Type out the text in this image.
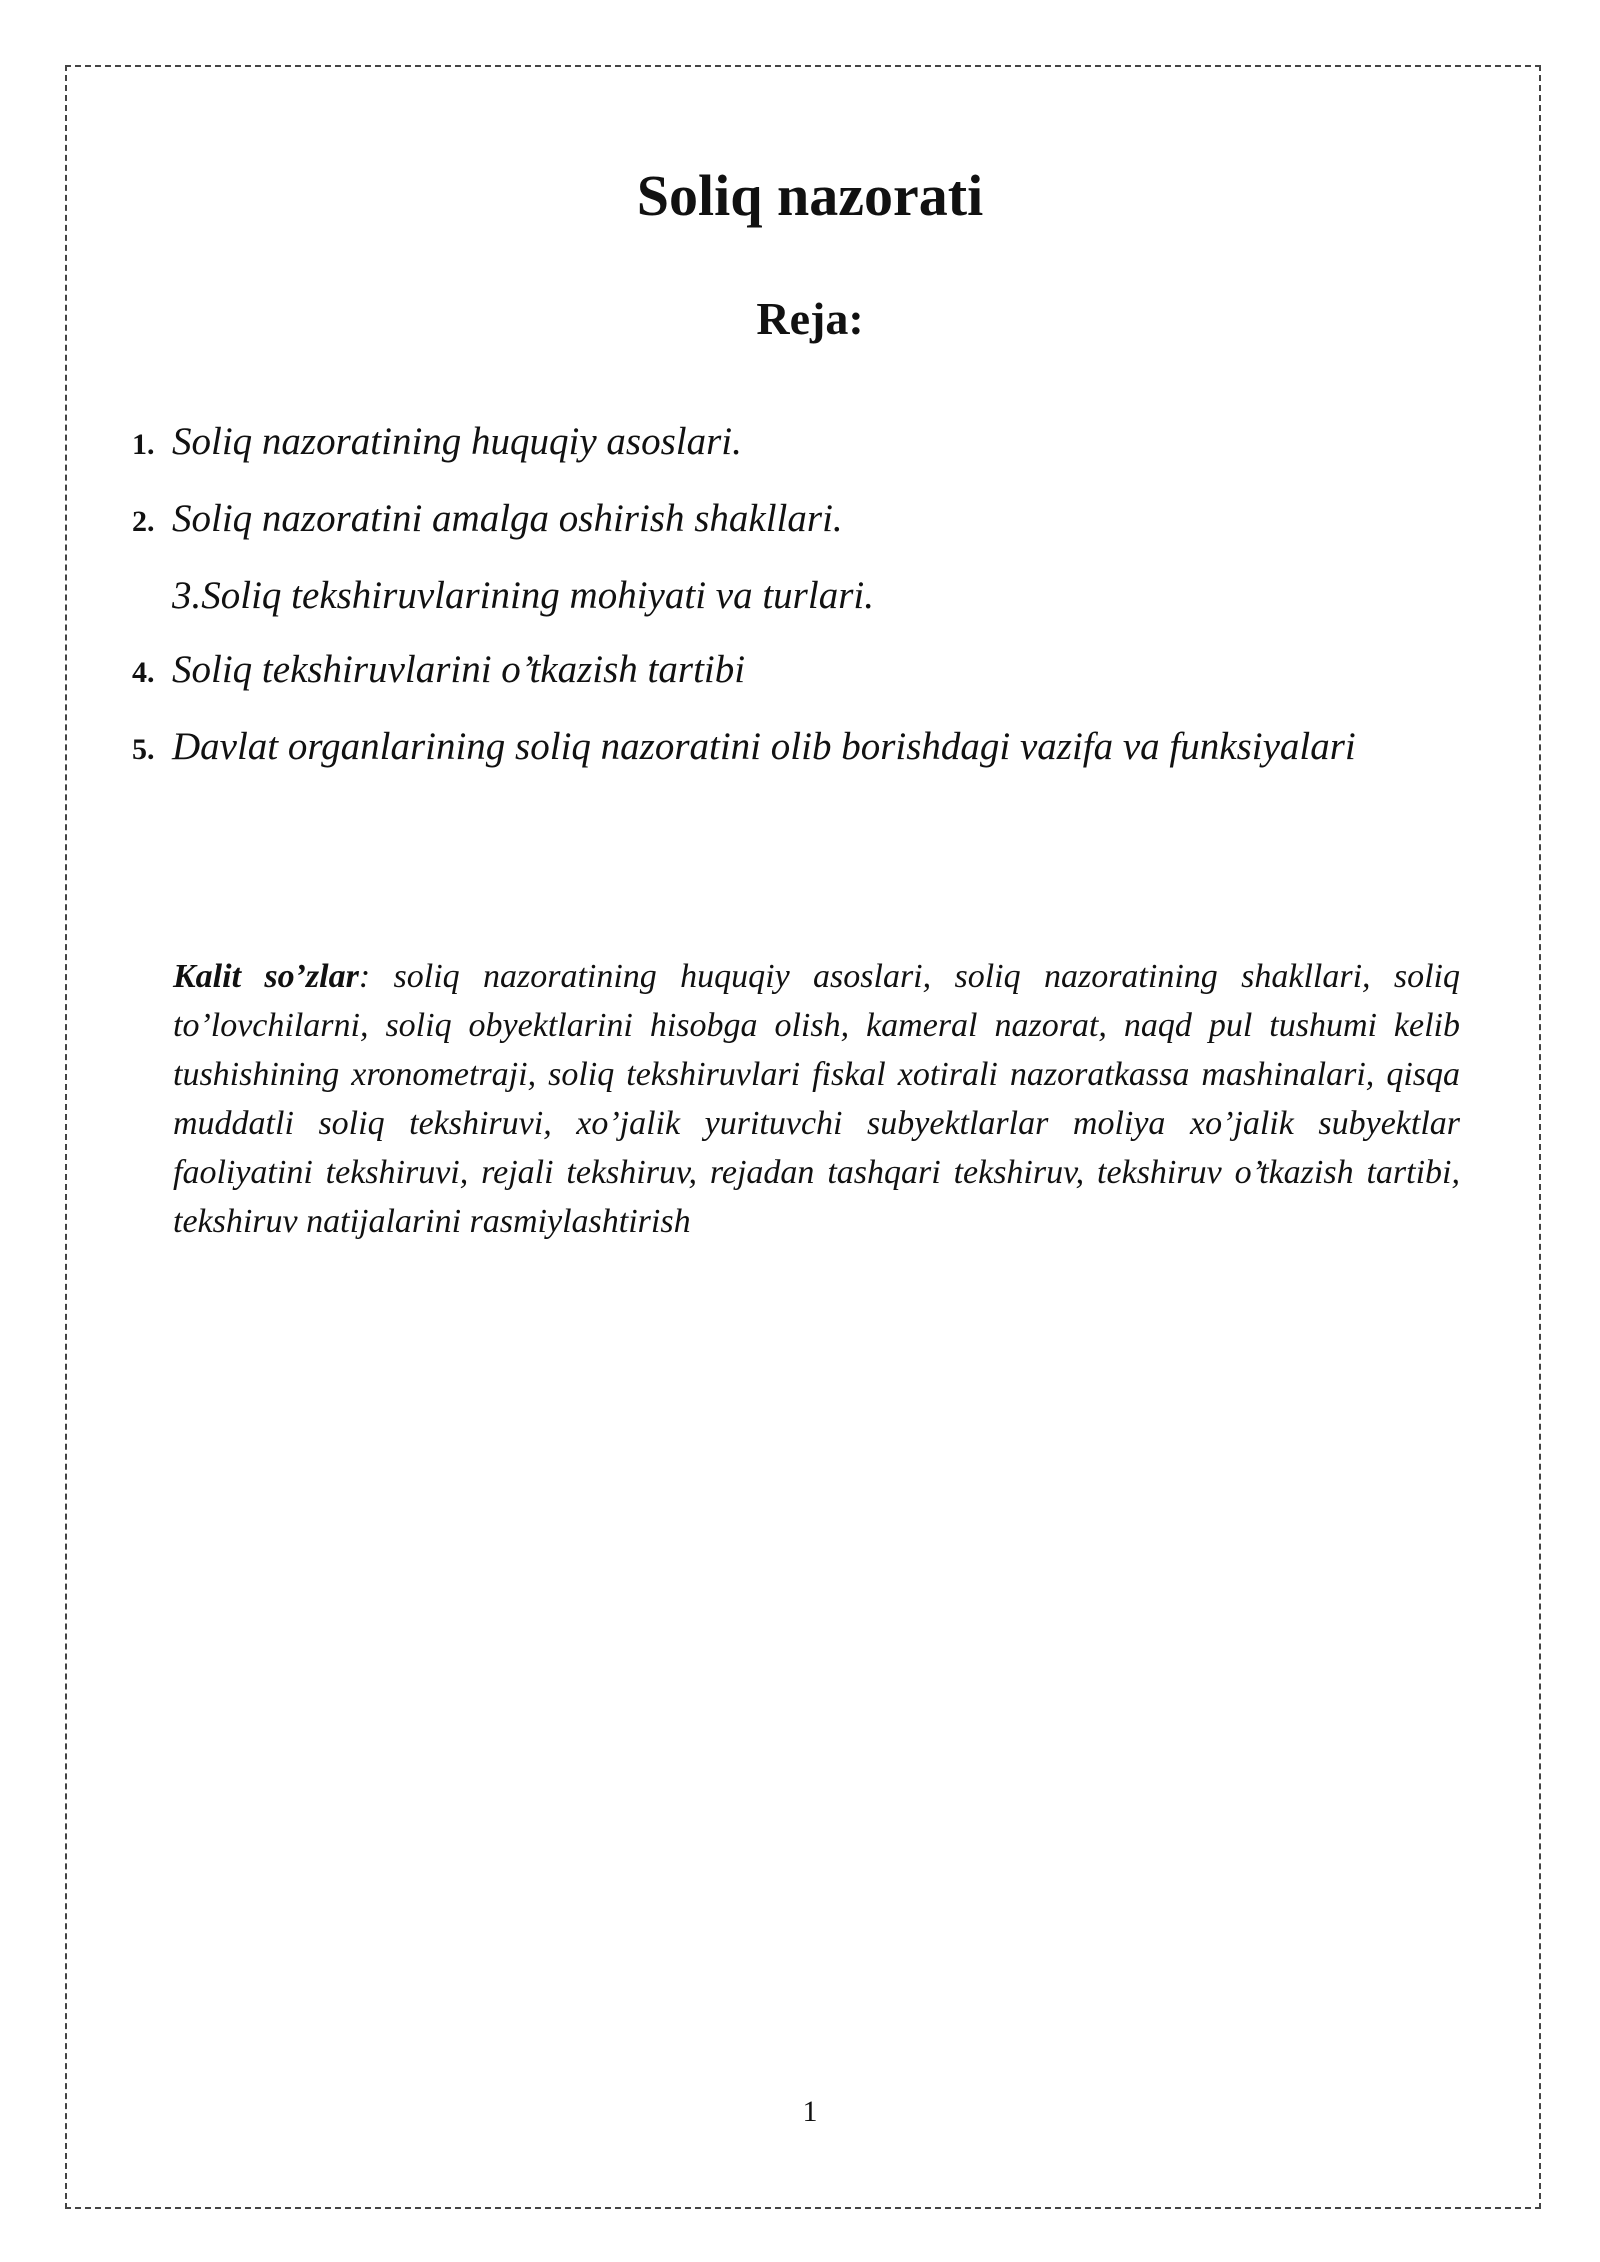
Soliq nazorati
Reja:
1. Soliq nazoratining huquqiy asoslari.
2. Soliq nazoratini amalga oshirish shakllari.
3.Soliq tekshiruvlarining mohiyati va turlari.
4. Soliq tekshiruvlarini o’tkazish tartibi
5. Davlat organlarining soliq nazoratini olib borishdagi vazifa va funksiyalari

Kalit so’zlar: soliq nazoratining huquqiy asoslari, soliq nazoratining shakllari, soliq to’lovchilarni, soliq obyektlarini hisobga olish, kameral nazorat, naqd pul tushumi kelib tushishining xronometraji, soliq tekshiruvlari fiskal xotirali nazoratkassa mashinalari, qisqa muddatli soliq tekshiruvi, xo’jalik yurituvchi subyektlarlar moliya xo’jalik subyektlar faoliyatini tekshiruvi, rejali tekshiruv, rejadan tashqari tekshiruv, tekshiruv o’tkazish tartibi, tekshiruv natijalarini rasmiylashtirish

1
